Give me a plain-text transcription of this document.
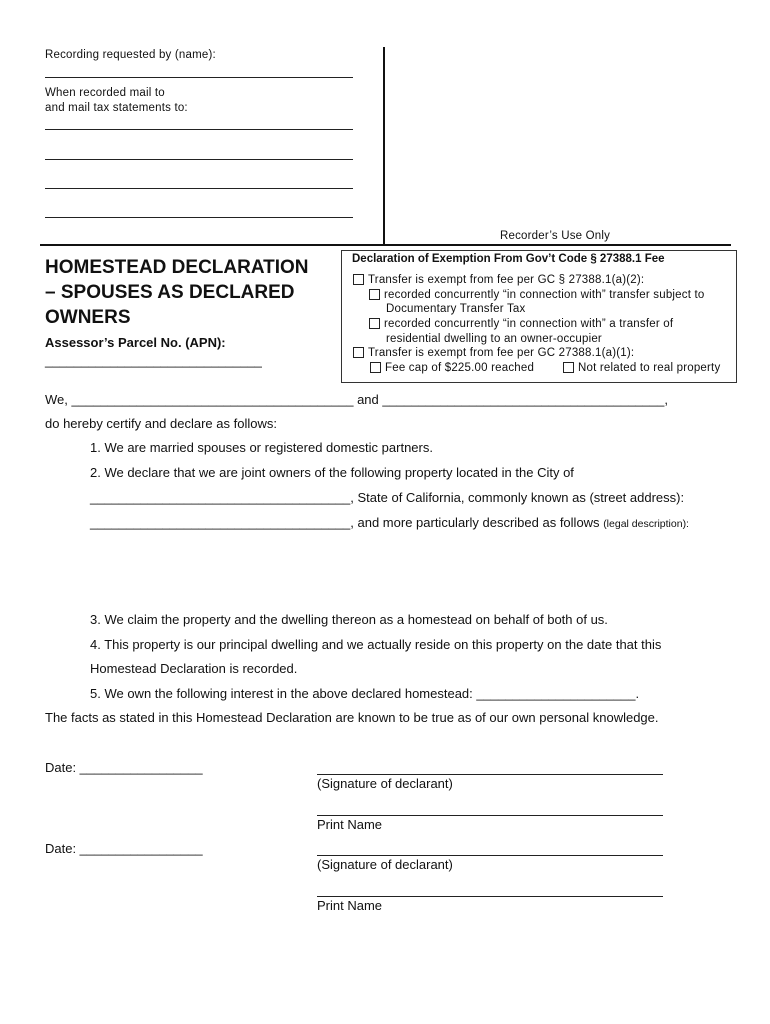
Recording requested by (name):
When recorded mail to
and mail tax statements to:
Recorder’s Use Only
HOMESTEAD DECLARATION
– SPOUSES AS DECLARED
OWNERS
Assessor’s Parcel No. (APN):
______________________________
Declaration of Exemption From Gov’t Code § 27388.1 Fee
Transfer is exempt from fee per GC § 27388.1(a)(2):
recorded concurrently “in connection with” transfer subject to
Documentary Transfer Tax
recorded concurrently “in connection with” a transfer of
residential dwelling to an owner-occupier
Transfer is exempt from fee per GC 27388.1(a)(1):
Fee cap of $225.00 reached	Not related to real property
We, _______________________________________ and _______________________________________,
do hereby certify and declare as follows:
1. We are married spouses or registered domestic partners.
2. We declare that we are joint owners of the following property located in the City of
____________________________________, State of California, commonly known as (street address):
____________________________________, and more particularly described as follows (legal description):
3. We claim the property and the dwelling thereon as a homestead on behalf of both of us.
4. This property is our principal dwelling and we actually reside on this property on the date that this
Homestead Declaration is recorded.
5. We own the following interest in the above declared homestead: ______________________.
The facts as stated in this Homestead Declaration are known to be true as of our own personal knowledge.
Date: _________________
(Signature of declarant)
Print Name
Date: _________________
(Signature of declarant)
Print Name
